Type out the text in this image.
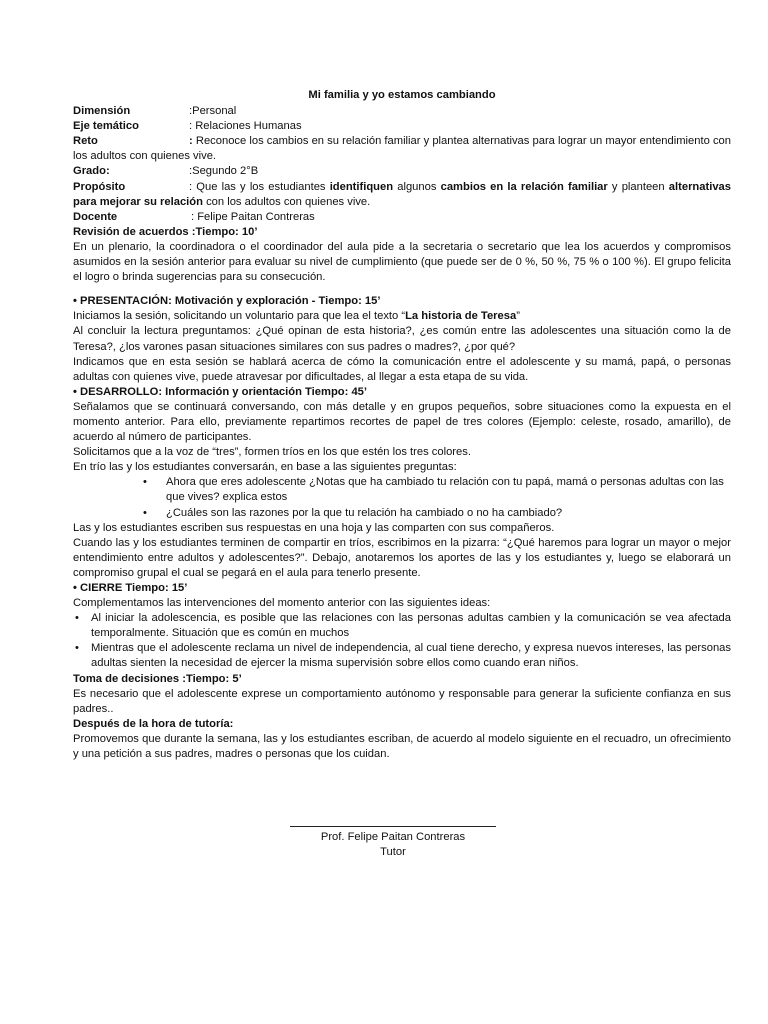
Mi familia y yo estamos cambiando
Dimensión	:Personal
Eje temático	: Relaciones Humanas
Reto	: Reconoce los cambios en su relación familiar y plantea alternativas para lograr un mayor entendimiento con los adultos con quienes vive.
Grado:	:Segundo 2°B
Propósito	: Que las y los estudiantes identifiquen algunos cambios en la relación familiar y planteen alternativas para mejorar su relación con los adultos con quienes vive.
Docente	: Felipe Paitan Contreras
Revisión de acuerdos :Tiempo: 10’
En un plenario, la coordinadora o el coordinador del aula pide a la secretaria o secretario que lea los acuerdos y compromisos asumidos en la sesión anterior para evaluar su nivel de cumplimiento (que puede ser de 0 %, 50 %, 75 % o 100 %). El grupo felicita el logro o brinda sugerencias para su consecución.
• PRESENTACIÓN: Motivación y exploración - Tiempo: 15’
Iniciamos la sesión, solicitando un voluntario para que lea el texto “La historia de Teresa”
Al concluir la lectura preguntamos: ¿Qué opinan de esta historia?, ¿es común entre las adolescentes una situación como la de Teresa?, ¿los varones pasan situaciones similares con sus padres o madres?, ¿por qué?
Indicamos que en esta sesión se hablará acerca de cómo la comunicación entre el adolescente y su mamá, papá, o personas adultas con quienes vive, puede atravesar por dificultades, al llegar a esta etapa de su vida.
• DESARROLLO: Información y orientación Tiempo: 45’
Señalamos que se continuará conversando, con más detalle y en grupos pequeños, sobre situaciones como la expuesta en el momento anterior. Para ello, previamente repartimos recortes de papel de tres colores (Ejemplo: celeste, rosado, amarillo), de acuerdo al número de participantes.
Solicitamos que a la voz de “tres”, formen tríos en los que estén los tres colores.
En trío las y los estudiantes conversarán, en base a las siguientes preguntas:
• Ahora que eres adolescente ¿Notas que ha cambiado tu relación con tu papá, mamá o personas adultas con las que vives? explica estos
• ¿Cuáles son las razones por la que tu relación ha cambiado o no ha cambiado?
Las y los estudiantes escriben sus respuestas en una hoja y las comparten con sus compañeros.
Cuando las y los estudiantes terminen de compartir en tríos, escribimos en la pizarra: “¿Qué haremos para lograr un mayor o mejor entendimiento entre adultos y adolescentes?”. Debajo, anotaremos los aportes de las y los estudiantes y, luego se elaborará un compromiso grupal el cual se pegará en el aula para tenerlo presente.
• CIERRE Tiempo: 15’
Complementamos las intervenciones del momento anterior con las siguientes ideas:
• Al iniciar la adolescencia, es posible que las relaciones con las personas adultas cambien y la comunicación se vea afectada temporalmente. Situación que es común en muchos
• Mientras que el adolescente reclama un nivel de independencia, al cual tiene derecho, y expresa nuevos intereses, las personas adultas sienten la necesidad de ejercer la misma supervisión sobre ellos como cuando eran niños.
Toma de decisiones :Tiempo: 5’
Es necesario que el adolescente exprese un comportamiento autónomo y responsable para generar la suficiente confianza en sus padres..
Después de la hora de tutoría:
Promovemos que durante la semana, las y los estudiantes escriban, de acuerdo al modelo siguiente en el recuadro, un ofrecimiento y una petición a sus padres, madres o personas que los cuidan.
Prof. Felipe Paitan Contreras
Tutor
